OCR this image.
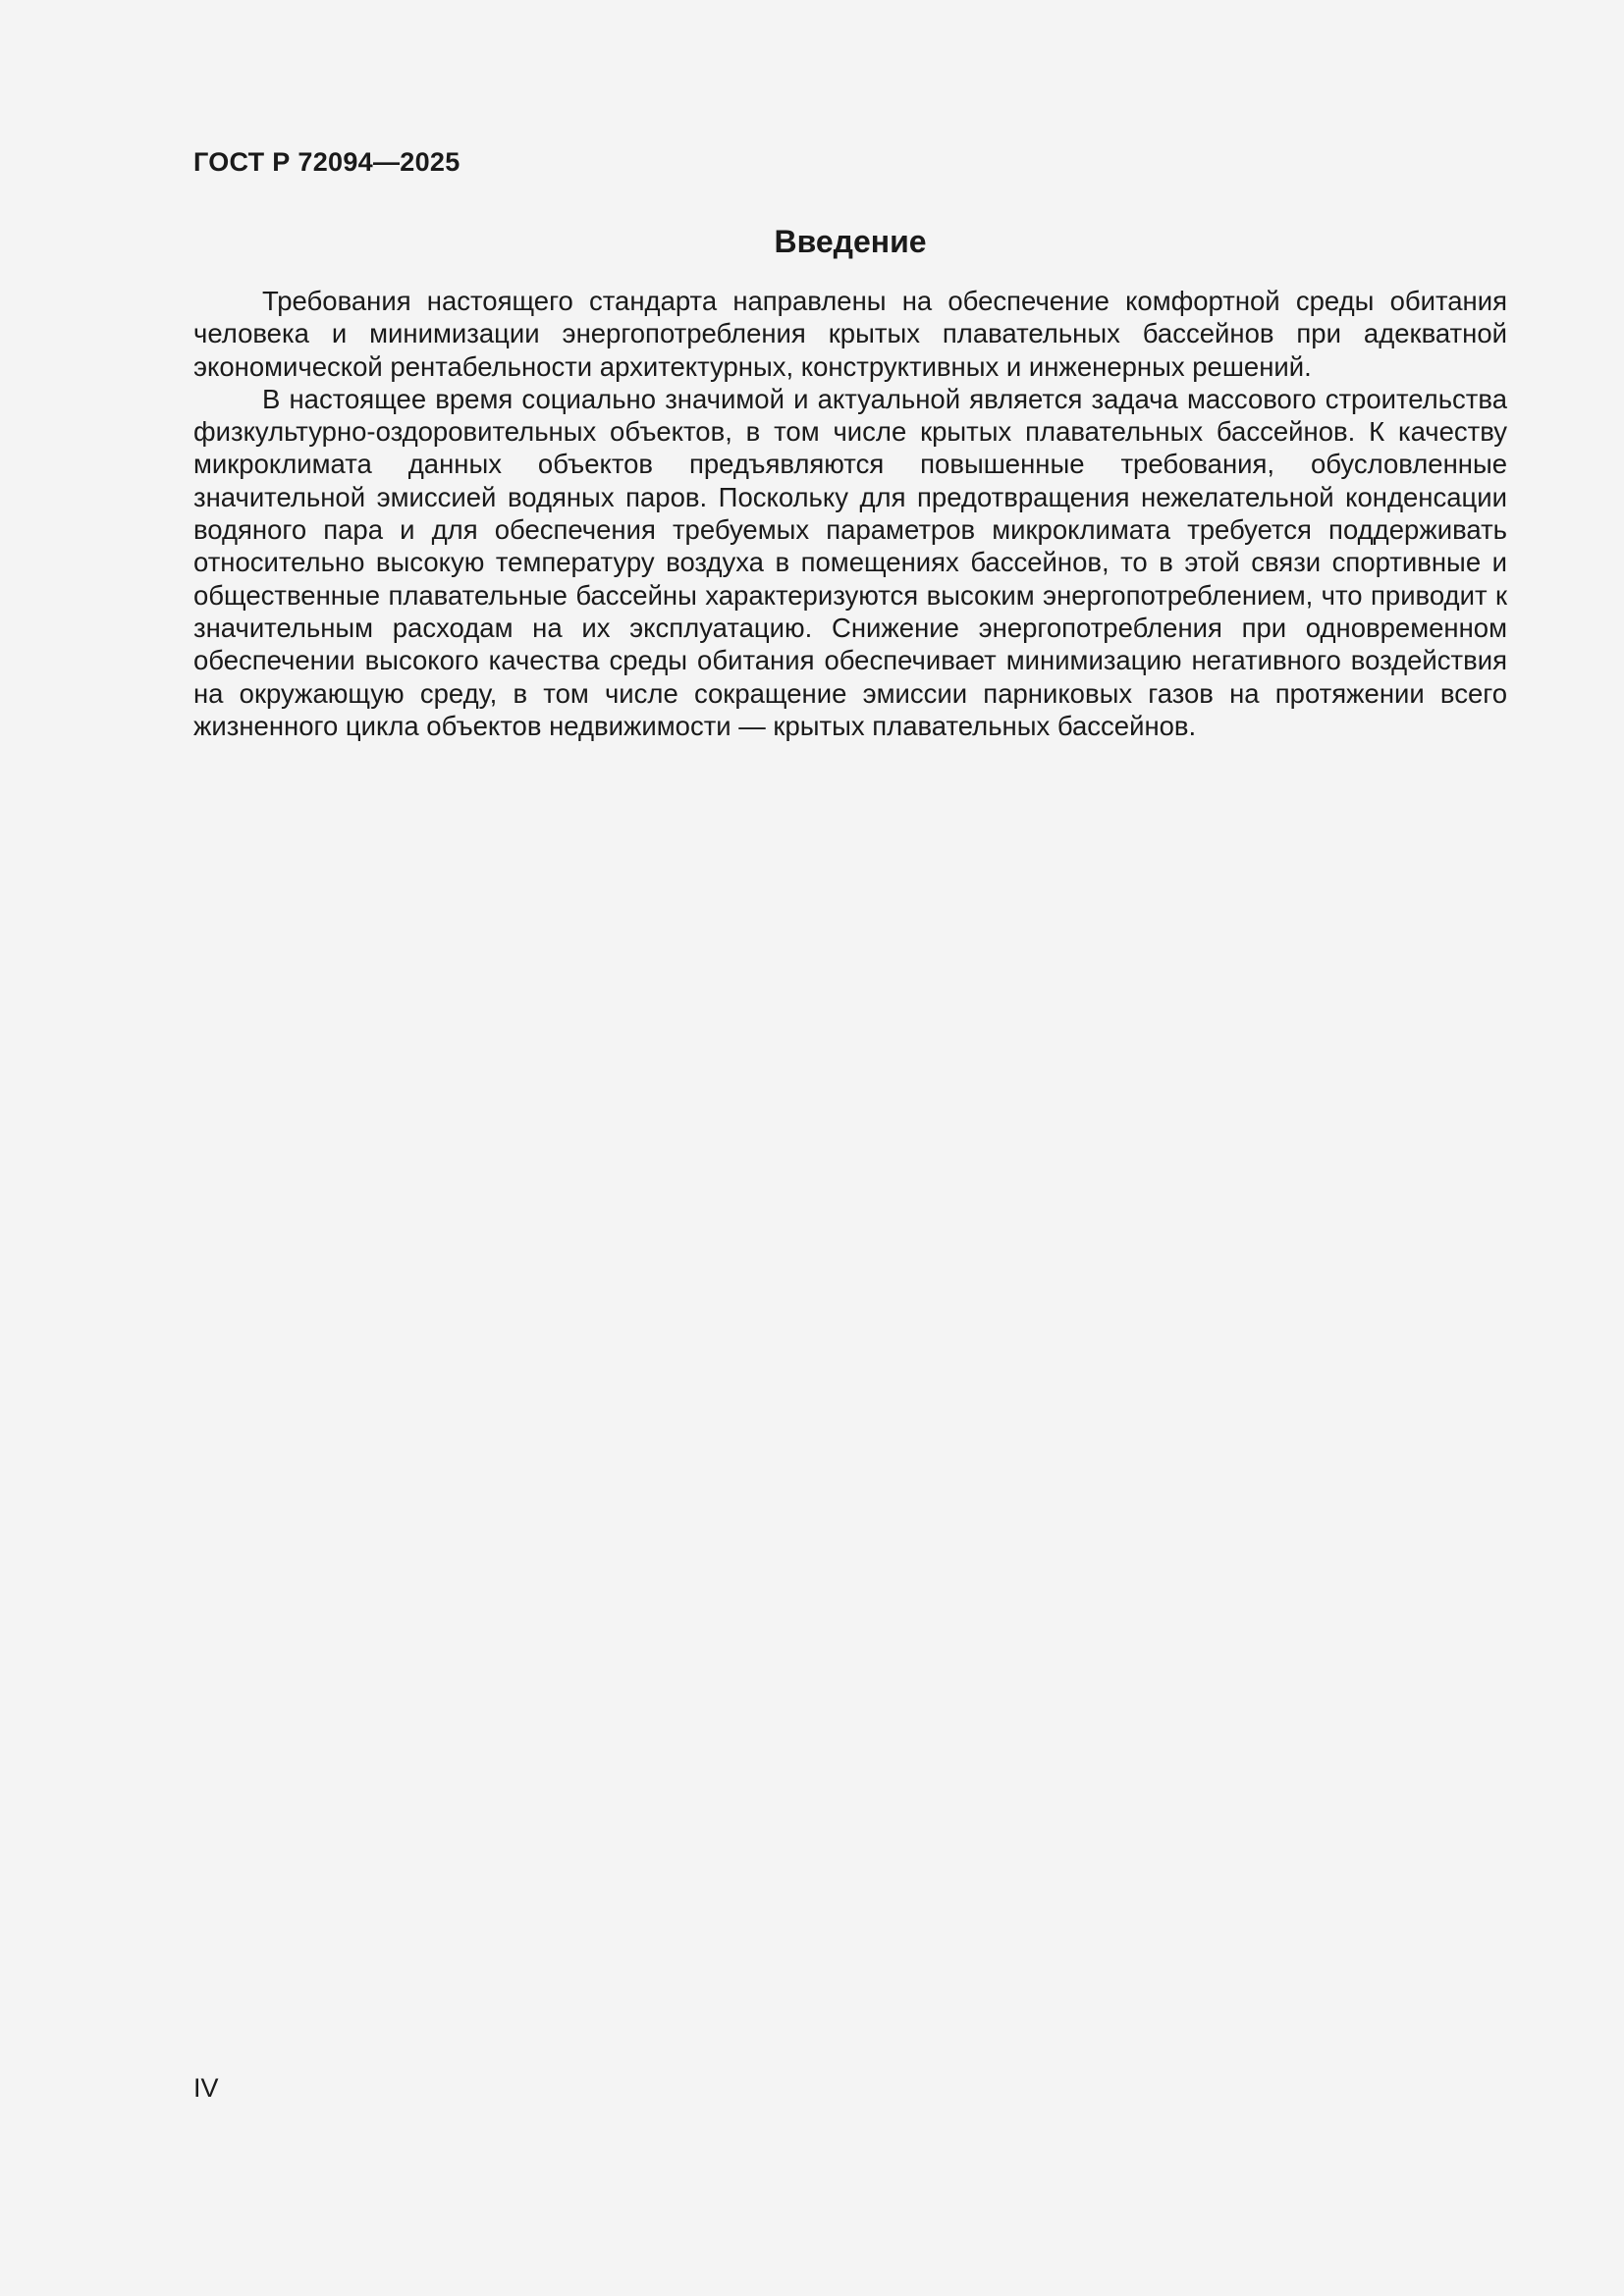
ГОСТ Р 72094—2025
Введение

Требования настоящего стандарта направлены на обеспечение комфортной среды обитания человека и минимизации энергопотребления крытых плавательных бассейнов при адекватной экономической рентабельности архитектурных, конструктивных и инженерных решений.

В настоящее время социально значимой и актуальной является задача массового строительства физкультурно-оздоровительных объектов, в том числе крытых плавательных бассейнов. К качеству микроклимата данных объектов предъявляются повышенные требования, обусловленные значительной эмиссией водяных паров. Поскольку для предотвращения нежелательной конденсации водяного пара и для обеспечения требуемых параметров микроклимата требуется поддерживать относительно высокую температуру воздуха в помещениях бассейнов, то в этой связи спортивные и общественные плавательные бассейны характеризуются высоким энергопотреблением, что приводит к значительным расходам на их эксплуатацию. Снижение энергопотребления при одновременном обеспечении высокого качества среды обитания обеспечивает минимизацию негативного воздействия на окружающую среду, в том числе сокращение эмиссии парниковых газов на протяжении всего жизненного цикла объектов недвижимости — крытых плавательных бассейнов.

IV
